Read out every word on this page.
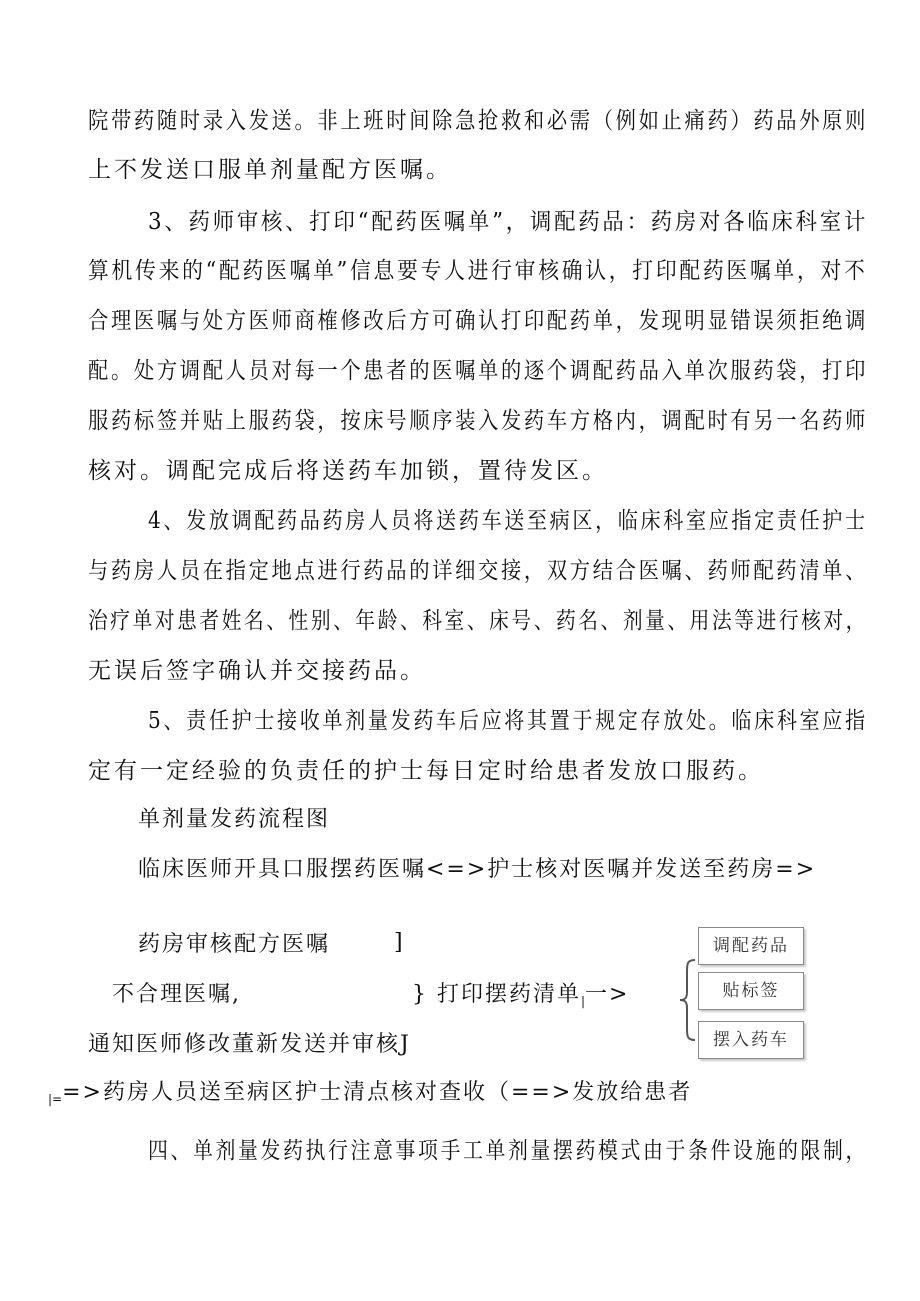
院带药随时录入发送。非上班时间除急抢救和必需（例如止痛药）药品外原则
上不发送口服单剂量配方医嘱。
3、药师审核、打印“配药医嘱单”，调配药品：药房对各临床科室计
算机传来的“配药医嘱单”信息要专人进行审核确认，打印配药医嘱单，对不
合理医嘱与处方医师商榷修改后方可确认打印配药单，发现明显错误须拒绝调
配。处方调配人员对每一个患者的医嘱单的逐个调配药品入单次服药袋，打印
服药标签并贴上服药袋，按床号顺序装入发药车方格内，调配时有另一名药师
核对。调配完成后将送药车加锁，置待发区。
4、发放调配药品药房人员将送药车送至病区，临床科室应指定责任护士
与药房人员在指定地点进行药品的详细交接，双方结合医嘱、药师配药清单、
治疗单对患者姓名、性别、年龄、科室、床号、药名、剂量、用法等进行核对，
无误后签字确认并交接药品。
5、责任护士接收单剂量发药车后应将其置于规定存放处。临床科室应指
定有一定经验的负责任的护士每日定时给患者发放口服药。
单剂量发药流程图
临床医师开具口服摆药医嘱<=>护士核对医嘱并发送至药房=>
药房审核配方医嘱	]
不合理医嘱,	} 打印摆药清单|一>
通知医师修改董新发送并审核J
|==>药房人员送至病区护士清点核对查收（==>发放给患者
调配药品
贴标签
摆入药车
四、单剂量发药执行注意事项手工单剂量摆药模式由于条件设施的限制，
